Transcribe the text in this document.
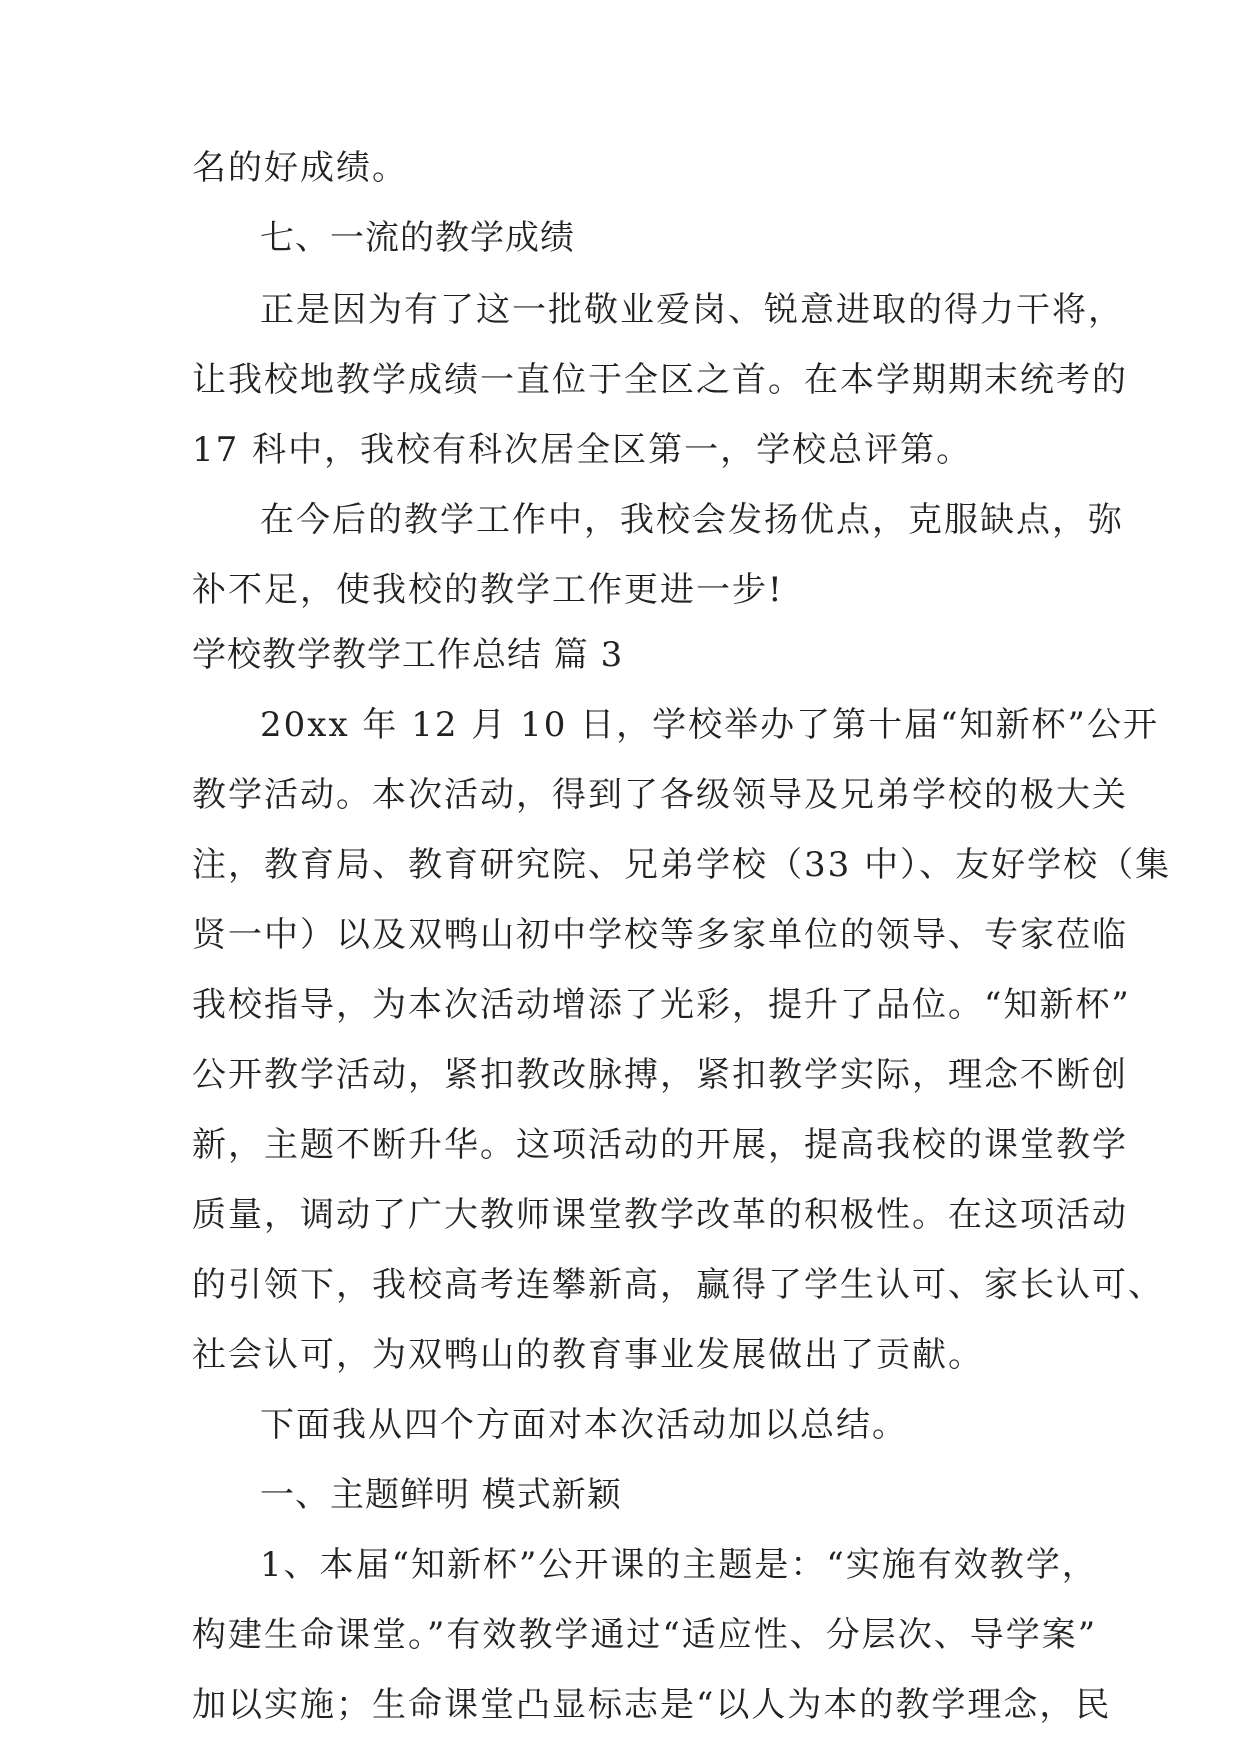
名的好成绩。
七、一流的教学成绩
正是因为有了这一批敬业爱岗、锐意进取的得力干将，
让我校地教学成绩一直位于全区之首。在本学期期末统考的
17 科中，我校有科次居全区第一，学校总评第。
在今后的教学工作中，我校会发扬优点，克服缺点，弥
补不足，使我校的教学工作更进一步!
学校教学教学工作总结 篇 3
20xx 年 12 月 10 日，学校举办了第十届“知新杯”公开
教学活动。本次活动，得到了各级领导及兄弟学校的极大关
注，教育局、教育研究院、兄弟学校（33 中）、友好学校（集
贤一中）以及双鸭山初中学校等多家单位的领导、专家莅临
我校指导，为本次活动增添了光彩，提升了品位。“知新杯”
公开教学活动，紧扣教改脉搏，紧扣教学实际，理念不断创
新，主题不断升华。这项活动的开展，提高我校的课堂教学
质量，调动了广大教师课堂教学改革的积极性。在这项活动
的引领下，我校高考连攀新高，赢得了学生认可、家长认可、
社会认可，为双鸭山的教育事业发展做出了贡献。
下面我从四个方面对本次活动加以总结。
一、主题鲜明 模式新颖
1、本届“知新杯”公开课的主题是：“实施有效教学，
构建生命课堂。”有效教学通过“适应性、分层次、导学案”
加以实施；生命课堂凸显标志是“以人为本的教学理念，民
